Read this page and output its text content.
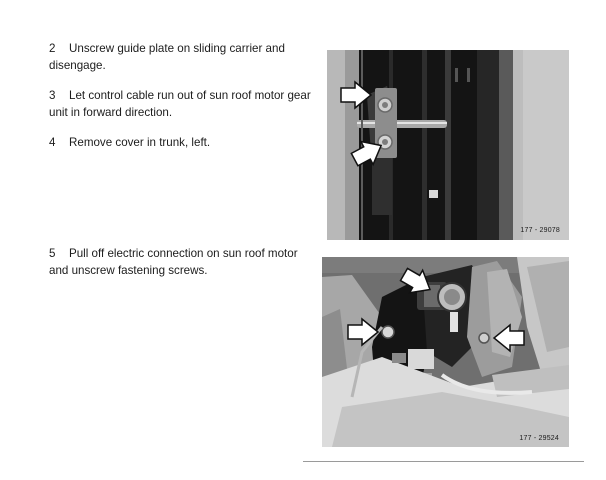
2 Unscrew guide plate on sliding carrier and disengage.

3 Let control cable run out of sun roof motor gear unit in forward direction.

4 Remove cover in trunk, left.

5 Pull off electric connection on sun roof motor and unscrew fastening screws.

177 - 29078
177 - 29524
